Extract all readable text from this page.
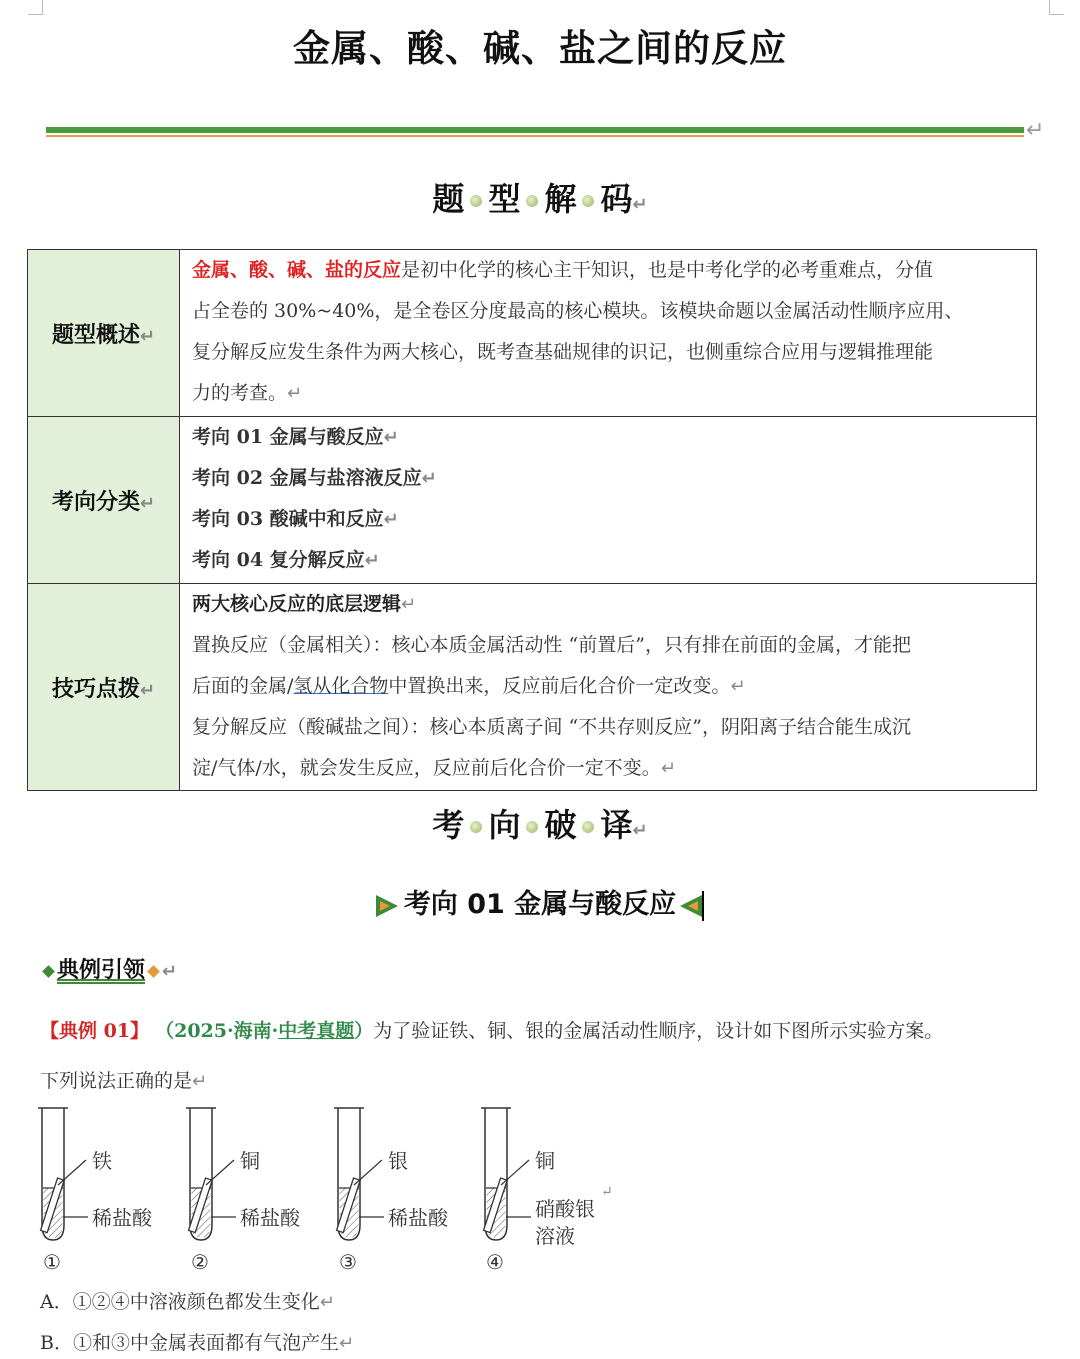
金属、酸、碱、盐之间的反应
↵
题 型 解 码↵
题型概述↵	金属、酸、碱、盐的反应是初中化学的核心主干知识，也是中考化学的必考重难点，分值
占全卷的 30%~40%，是全卷区分度最高的核心模块。该模块命题以金属活动性顺序应用、
复分解反应发生条件为两大核心，既考查基础规律的识记，也侧重综合应用与逻辑推理能
力的考查。↵

考向分类↵	考向 01 金属与酸反应↵
考向 02 金属与盐溶液反应↵
考向 03 酸碱中和反应↵
考向 04 复分解反应↵

技巧点拨↵	两大核心反应的底层逻辑↵
置换反应（金属相关）：核心本质金属活动性 “前置后”，只有排在前面的金属，才能把
后面的金属/氢从化合物中置换出来，反应前后化合价一定改变。↵
复分解反应（酸碱盐之间）：核心本质离子间 “不共存则反应”，阴阳离子结合能生成沉
淀/气体/水，就会发生反应，反应前后化合价一定不变。↵
考 向 破 译↵
考向 01 金属与酸反应
典例引领 ↵
【典例 01】 （2025·海南·中考真题）为了验证铁、铜、银的金属活动性顺序，设计如下图所示实验方案。
下列说法正确的是↵
铁
稀盐酸
①
铜
稀盐酸
②
银
稀盐酸
③
铜
硝酸银
溶液
↵
④
A．①②④中溶液颜色都发生变化↵
B．①和③中金属表面都有气泡产生↵
